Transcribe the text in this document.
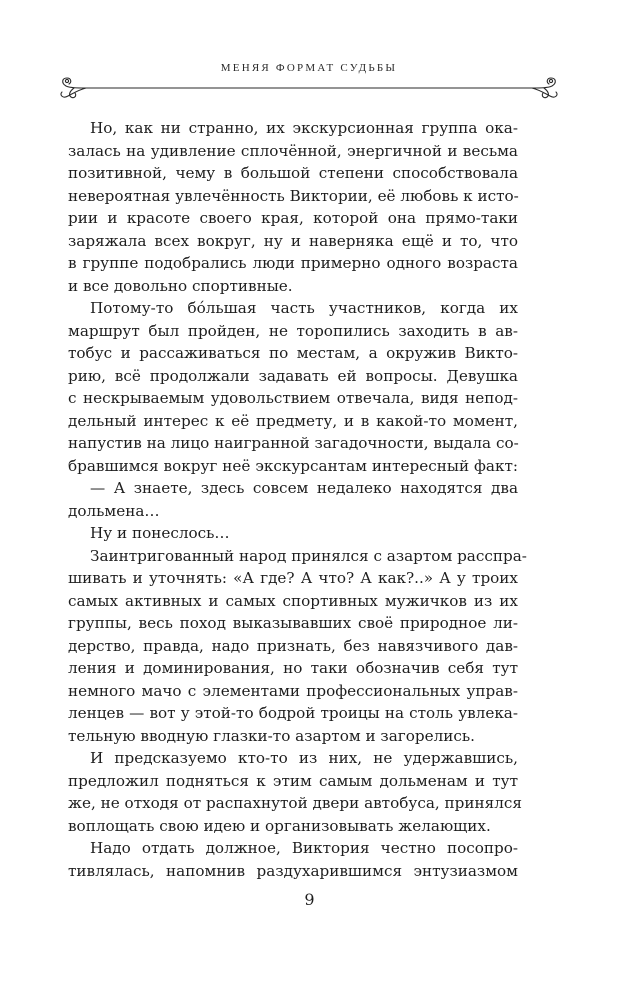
МЕНЯЯ ФОРМАТ СУДЬБЫ
Но, как ни странно, их экскурсионная группа ока-
залась на удивление сплочённой, энергичной и весьма
позитивной, чему в большой степени способствовала
невероятная увлечённость Виктории, её любовь к исто-
рии и красоте своего края, которой она прямо-таки
заряжала всех вокруг, ну и наверняка ещё и то, что
в группе подобрались люди примерно одного возраста
и все довольно спортивные.
Потому-то бóльшая часть участников, когда их
маршрут был пройден, не торопились заходить в ав-
тобус и рассаживаться по местам, а окружив Викто-
рию, всё продолжали задавать ей вопросы. Девушка
с нескрываемым удовольствием отвечала, видя непод-
дельный интерес к её предмету, и в какой-то момент,
напустив на лицо наигранной загадочности, выдала со-
бравшимся вокруг неё экскурсантам интересный факт:
— А знаете, здесь совсем недалеко находятся два
дольмена…
Ну и понеслось…
Заинтригованный народ принялся с азартом расспра-
шивать и уточнять: «А где? А что? А как?..» А у троих
самых активных и самых спортивных мужичков из их
группы, весь поход выказывавших своё природное ли-
дерство, правда, надо признать, без навязчивого дав-
ления и доминирования, но таки обозначив себя тут
немного мачо с элементами профессиональных управ-
ленцев — вот у этой-то бодрой троицы на столь увлека-
тельную вводную глазки-то азартом и загорелись.
И предсказуемо кто-то из них, не удержавшись,
предложил подняться к этим самым дольменам и тут
же, не отходя от распахнутой двери автобуса, принялся
воплощать свою идею и организовывать желающих.
Надо отдать должное, Виктория честно посопро-
тивлялась, напомнив раздухарившимся энтузиазмом
9
